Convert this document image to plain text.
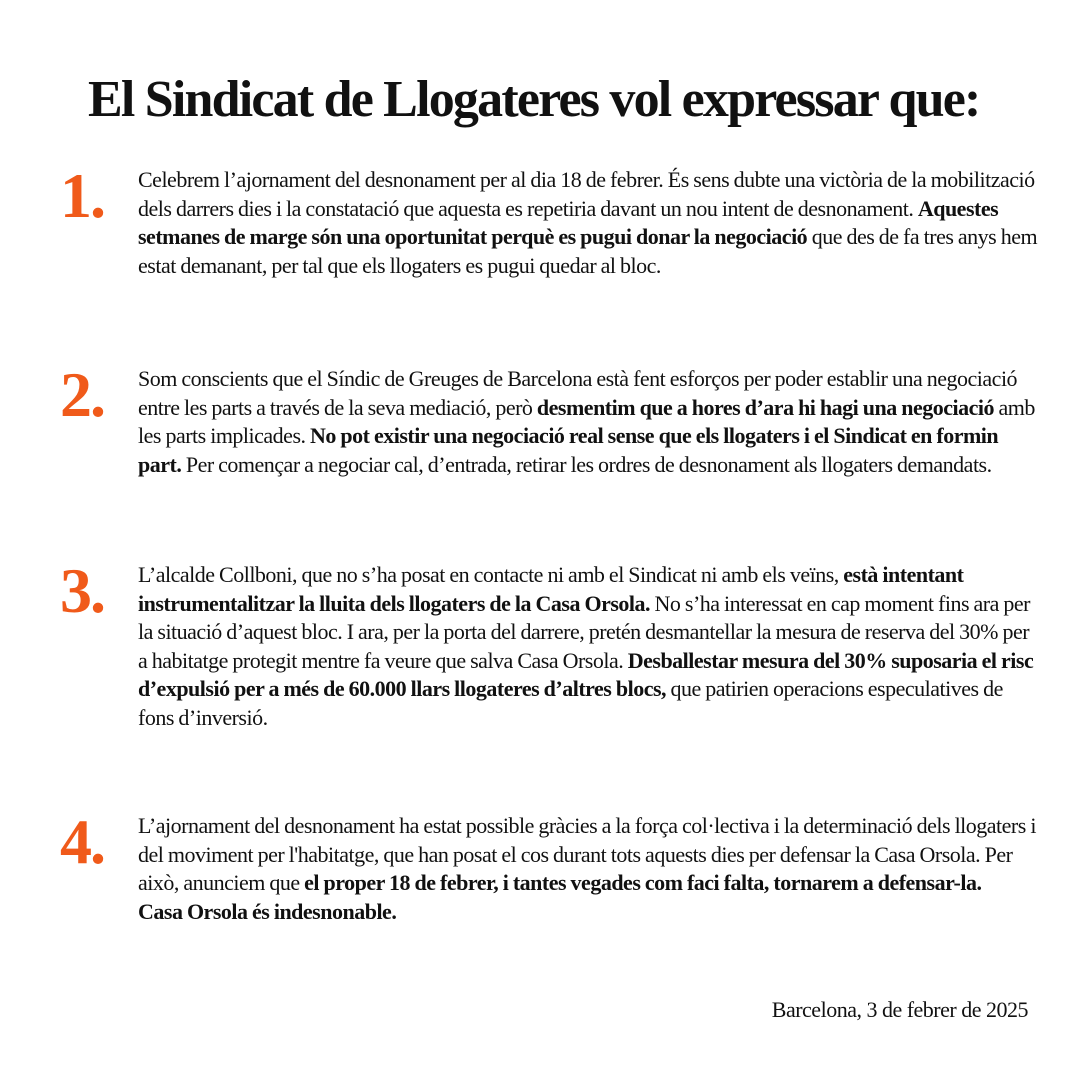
El Sindicat de Llogateres vol expressar que:
1.	Celebrem l’ajornament del desnonament per al dia 18 de febrer. És sens dubte una victòria de la mobilització dels darrers dies i la constatació que aquesta es repetiria davant un nou intent de desnonament. Aquestes setmanes de marge són una oportunitat perquè es pugui donar la negociació que des de fa tres anys hem estat demanant, per tal que els llogaters es pugui quedar al bloc.

2.	Som conscients que el Síndic de Greuges de Barcelona està fent esforços per poder establir una negociació entre les parts a través de la seva mediació, però desmentim que a hores d’ara hi hagi una negociació amb les parts implicades. No pot existir una negociació real sense que els llogaters i el Sindicat en formin part. Per començar a negociar cal, d’entrada, retirar les ordres de desnonament als llogaters demandats.

3.	L’alcalde Collboni, que no s’ha posat en contacte ni amb el Sindicat ni amb els veïns, està intentant instrumentalitzar la lluita dels llogaters de la Casa Orsola. No s’ha interessat en cap moment fins ara per la situació d’aquest bloc. I ara, per la porta del darrere, pretén desmantellar la mesura de reserva del 30% per a habitatge protegit mentre fa veure que salva Casa Orsola. Desballestar mesura del 30% suposaria el risc d’expulsió per a més de 60.000 llars llogateres d’altres blocs, que patirien operacions especulatives de fons d’inversió.

4.	L’ajornament del desnonament ha estat possible gràcies a la força col·lectiva i la determinació dels llogaters i del moviment per l'habitatge, que han posat el cos durant tots aquests dies per defensar la Casa Orsola. Per això, anunciem que el proper 18 de febrer, i tantes vegades com faci falta, tornarem a defensar-la.
Casa Orsola és indesnonable.

Barcelona, 3 de febrer de 2025
